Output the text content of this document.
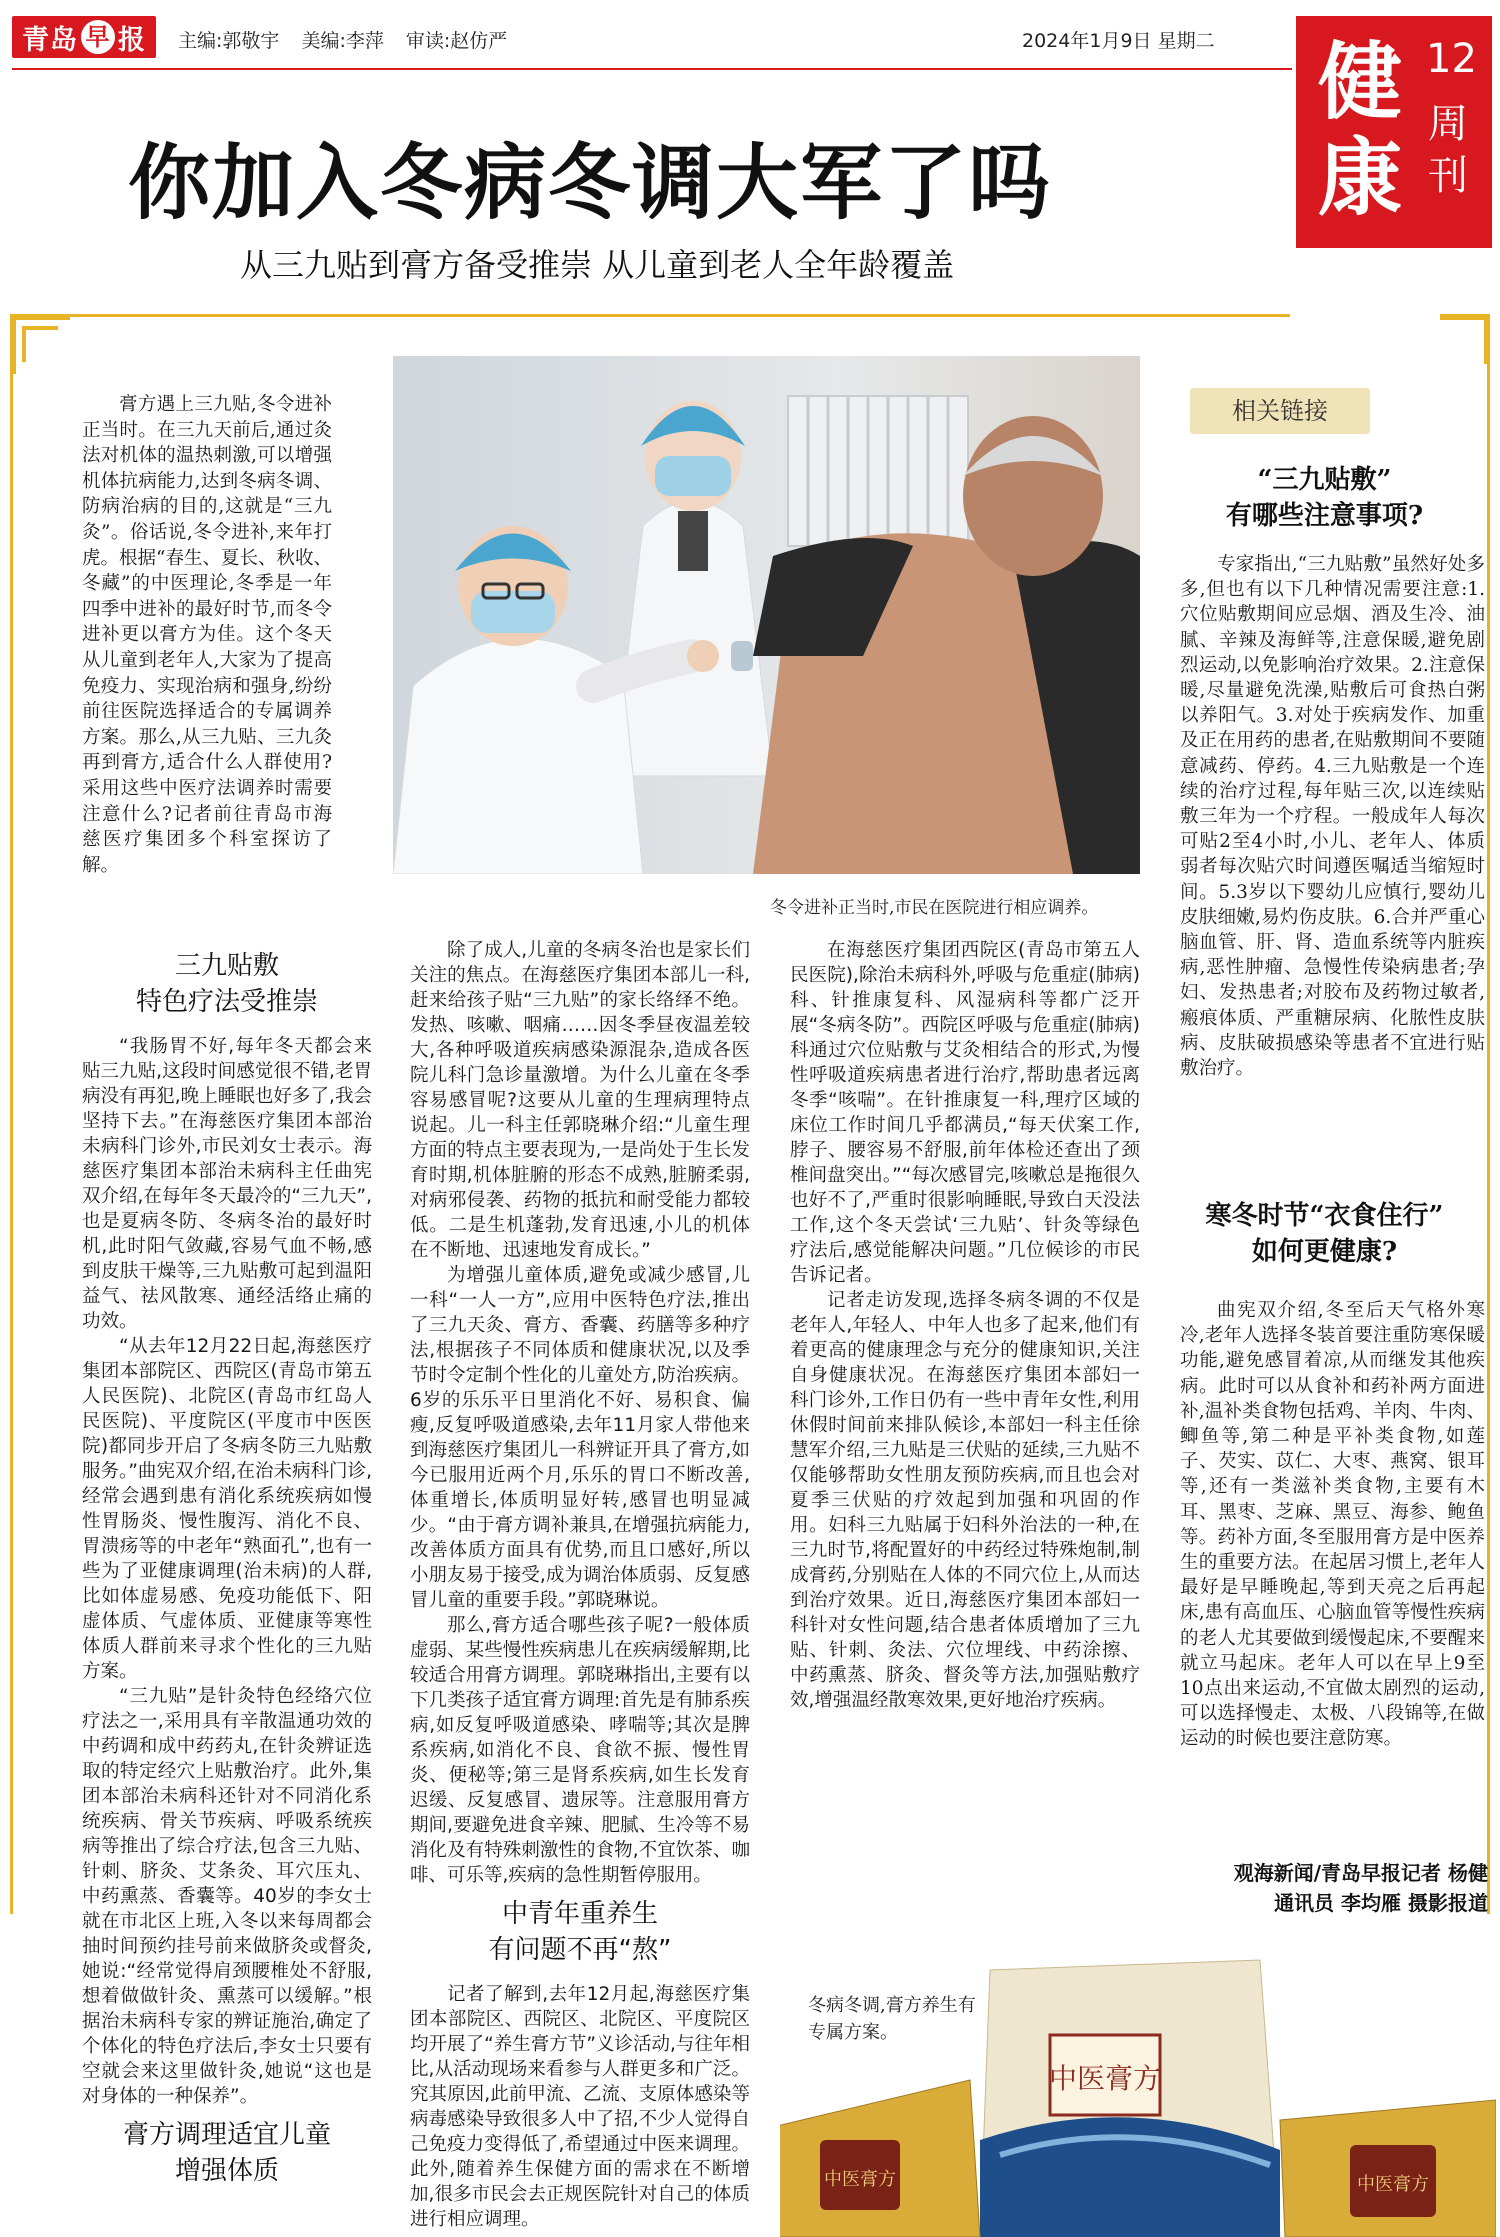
青岛 早 报 主编:郭敬宇 美编:李萍 审读:赵仿严	2024年1月9日 星期二 健康
12
周刊
你加入冬病冬调大军了吗
从三九贴到膏方备受推崇 从儿童到老人全年龄覆盖

膏方遇上三九贴,冬令进补正当时。在三九天前后,通过灸法对机体的温热刺激,可以增强机体抗病能力,达到冬病冬调、防病治病的目的,这就是“三九灸”。俗话说,冬令进补,来年打虎。根据“春生、夏长、秋收、冬藏”的中医理论,冬季是一年四季中进补的最好时节,而冬令进补更以膏方为佳。这个冬天从儿童到老年人,大家为了提高免疫力、实现治病和强身,纷纷前往医院选择适合的专属调养方案。那么,从三九贴、三九灸再到膏方,适合什么人群使用?采用这些中医疗法调养时需要注意什么?记者前往青岛市海慈医疗集团多个科室探访了解。

冬令进补正当时,市民在医院进行相应调养。
三九贴敷
特色疗法受推崇

“我肠胃不好,每年冬天都会来贴三九贴,这段时间感觉很不错,老胃病没有再犯,晚上睡眠也好多了,我会坚持下去。”在海慈医疗集团本部治未病科门诊外,市民刘女士表示。海慈医疗集团本部治未病科主任曲宪双介绍,在每年冬天最冷的“三九天”,也是夏病冬防、冬病冬治的最好时机,此时阳气敛藏,容易气血不畅,感到皮肤干燥等,三九贴敷可起到温阳益气、祛风散寒、通经活络止痛的功效。

“从去年12月22日起,海慈医疗集团本部院区、西院区(青岛市第五人民医院)、北院区(青岛市红岛人民医院)、平度院区(平度市中医医院)都同步开启了冬病冬防三九贴敷服务。”曲宪双介绍,在治未病科门诊,经常会遇到患有消化系统疾病如慢性胃肠炎、慢性腹泻、消化不良、胃溃疡等的中老年“熟面孔”,也有一些为了亚健康调理(治未病)的人群,比如体虚易感、免疫功能低下、阳虚体质、气虚体质、亚健康等寒性体质人群前来寻求个性化的三九贴方案。

“三九贴”是针灸特色经络穴位疗法之一,采用具有辛散温通功效的中药调和成中药药丸,在针灸辨证选取的特定经穴上贴敷治疗。此外,集团本部治未病科还针对不同消化系统疾病、骨关节疾病、呼吸系统疾病等推出了综合疗法,包含三九贴、针刺、脐灸、艾条灸、耳穴压丸、中药熏蒸、香囊等。40岁的李女士就在市北区上班,入冬以来每周都会抽时间预约挂号前来做脐灸或督灸,她说:“经常觉得肩颈腰椎处不舒服,想着做做针灸、熏蒸可以缓解。”根据治未病科专家的辨证施治,确定了个体化的特色疗法后,李女士只要有空就会来这里做针灸,她说“这也是对身体的一种保养”。

膏方调理适宜儿童
增强体质

除了成人,儿童的冬病冬治也是家长们关注的焦点。在海慈医疗集团本部儿一科,赶来给孩子贴“三九贴”的家长络绎不绝。发热、咳嗽、咽痛……因冬季昼夜温差较大,各种呼吸道疾病感染源混杂,造成各医院儿科门急诊量激增。为什么儿童在冬季容易感冒呢?这要从儿童的生理病理特点说起。儿一科主任郭晓琳介绍:“儿童生理方面的特点主要表现为,一是尚处于生长发育时期,机体脏腑的形态不成熟,脏腑柔弱,对病邪侵袭、药物的抵抗和耐受能力都较低。二是生机蓬勃,发育迅速,小儿的机体在不断地、迅速地发育成长。”

为增强儿童体质,避免或减少感冒,儿一科“一人一方”,应用中医特色疗法,推出了三九天灸、膏方、香囊、药膳等多种疗法,根据孩子不同体质和健康状况,以及季节时令定制个性化的儿童处方,防治疾病。6岁的乐乐平日里消化不好、易积食、偏瘦,反复呼吸道感染,去年11月家人带他来到海慈医疗集团儿一科辨证开具了膏方,如今已服用近两个月,乐乐的胃口不断改善,体重增长,体质明显好转,感冒也明显减少。“由于膏方调补兼具,在增强抗病能力,改善体质方面具有优势,而且口感好,所以小朋友易于接受,成为调治体质弱、反复感冒儿童的重要手段。”郭晓琳说。

那么,膏方适合哪些孩子呢?一般体质虚弱、某些慢性疾病患儿在疾病缓解期,比较适合用膏方调理。郭晓琳指出,主要有以下几类孩子适宜膏方调理:首先是有肺系疾病,如反复呼吸道感染、哮喘等;其次是脾系疾病,如消化不良、食欲不振、慢性胃炎、便秘等;第三是肾系疾病,如生长发育迟缓、反复感冒、遗尿等。注意服用膏方期间,要避免进食辛辣、肥腻、生冷等不易消化及有特殊刺激性的食物,不宜饮茶、咖啡、可乐等,疾病的急性期暂停服用。

中青年重养生
有问题不再“熬”

记者了解到,去年12月起,海慈医疗集团本部院区、西院区、北院区、平度院区均开展了“养生膏方节”义诊活动,与往年相比,从活动现场来看参与人群更多和广泛。究其原因,此前甲流、乙流、支原体感染等病毒感染导致很多人中了招,不少人觉得自己免疫力变得低了,希望通过中医来调理。此外,随着养生保健方面的需求在不断增加,很多市民会去正规医院针对自己的体质进行相应调理。

在海慈医疗集团西院区(青岛市第五人民医院),除治未病科外,呼吸与危重症(肺病)科、针推康复科、风湿病科等都广泛开展“冬病冬防”。西院区呼吸与危重症(肺病)科通过穴位贴敷与艾灸相结合的形式,为慢性呼吸道疾病患者进行治疗,帮助患者远离冬季“咳喘”。在针推康复一科,理疗区域的床位工作时间几乎都满员,“每天伏案工作,脖子、腰容易不舒服,前年体检还查出了颈椎间盘突出。”“每次感冒完,咳嗽总是拖很久也好不了,严重时很影响睡眠,导致白天没法工作,这个冬天尝试‘三九贴’、针灸等绿色疗法后,感觉能解决问题。”几位候诊的市民告诉记者。

记者走访发现,选择冬病冬调的不仅是老年人,年轻人、中年人也多了起来,他们有着更高的健康理念与充分的健康知识,关注自身健康状况。在海慈医疗集团本部妇一科门诊外,工作日仍有一些中青年女性,利用休假时间前来排队候诊,本部妇一科主任徐慧军介绍,三九贴是三伏贴的延续,三九贴不仅能够帮助女性朋友预防疾病,而且也会对夏季三伏贴的疗效起到加强和巩固的作用。妇科三九贴属于妇科外治法的一种,在三九时节,将配置好的中药经过特殊炮制,制成膏药,分别贴在人体的不同穴位上,从而达到治疗效果。近日,海慈医疗集团本部妇一科针对女性问题,结合患者体质增加了三九贴、针刺、灸法、穴位埋线、中药涂擦、中药熏蒸、脐灸、督灸等方法,加强贴敷疗效,增强温经散寒效果,更好地治疗疾病。

相关链接
“三九贴敷”
有哪些注意事项?

专家指出,“三九贴敷”虽然好处多多,但也有以下几种情况需要注意:1.穴位贴敷期间应忌烟、酒及生冷、油腻、辛辣及海鲜等,注意保暖,避免剧烈运动,以免影响治疗效果。2.注意保暖,尽量避免洗澡,贴敷后可食热白粥以养阳气。3.对处于疾病发作、加重及正在用药的患者,在贴敷期间不要随意减药、停药。4.三九贴敷是一个连续的治疗过程,每年贴三次,以连续贴敷三年为一个疗程。一般成年人每次可贴2至4小时,小儿、老年人、体质弱者每次贴穴时间遵医嘱适当缩短时间。5.3岁以下婴幼儿应慎行,婴幼儿皮肤细嫩,易灼伤皮肤。6.合并严重心脑血管、肝、肾、造血系统等内脏疾病,恶性肿瘤、急慢性传染病患者;孕妇、发热患者;对胶布及药物过敏者,瘢痕体质、严重糖尿病、化脓性皮肤病、皮肤破损感染等患者不宜进行贴敷治疗。

寒冬时节“衣食住行”
如何更健康?

曲宪双介绍,冬至后天气格外寒冷,老年人选择冬装首要注重防寒保暖功能,避免感冒着凉,从而继发其他疾病。此时可以从食补和药补两方面进补,温补类食物包括鸡、羊肉、牛肉、鲫鱼等,第二种是平补类食物,如莲子、芡实、苡仁、大枣、燕窝、银耳等,还有一类滋补类食物,主要有木耳、黑枣、芝麻、黑豆、海参、鲍鱼等。药补方面,冬至服用膏方是中医养生的重要方法。在起居习惯上,老年人最好是早睡晚起,等到天亮之后再起床,患有高血压、心脑血管等慢性疾病的老人尤其要做到缓慢起床,不要醒来就立马起床。老年人可以在早上9至10点出来运动,不宜做太剧烈的运动,可以选择慢走、太极、八段锦等,在做运动的时候也要注意防寒。

观海新闻/青岛早报记者 杨健
通讯员 李均雁 摄影报道
中医膏方
中医膏方	中医膏方
冬病冬调,膏方养生有专属方案。
